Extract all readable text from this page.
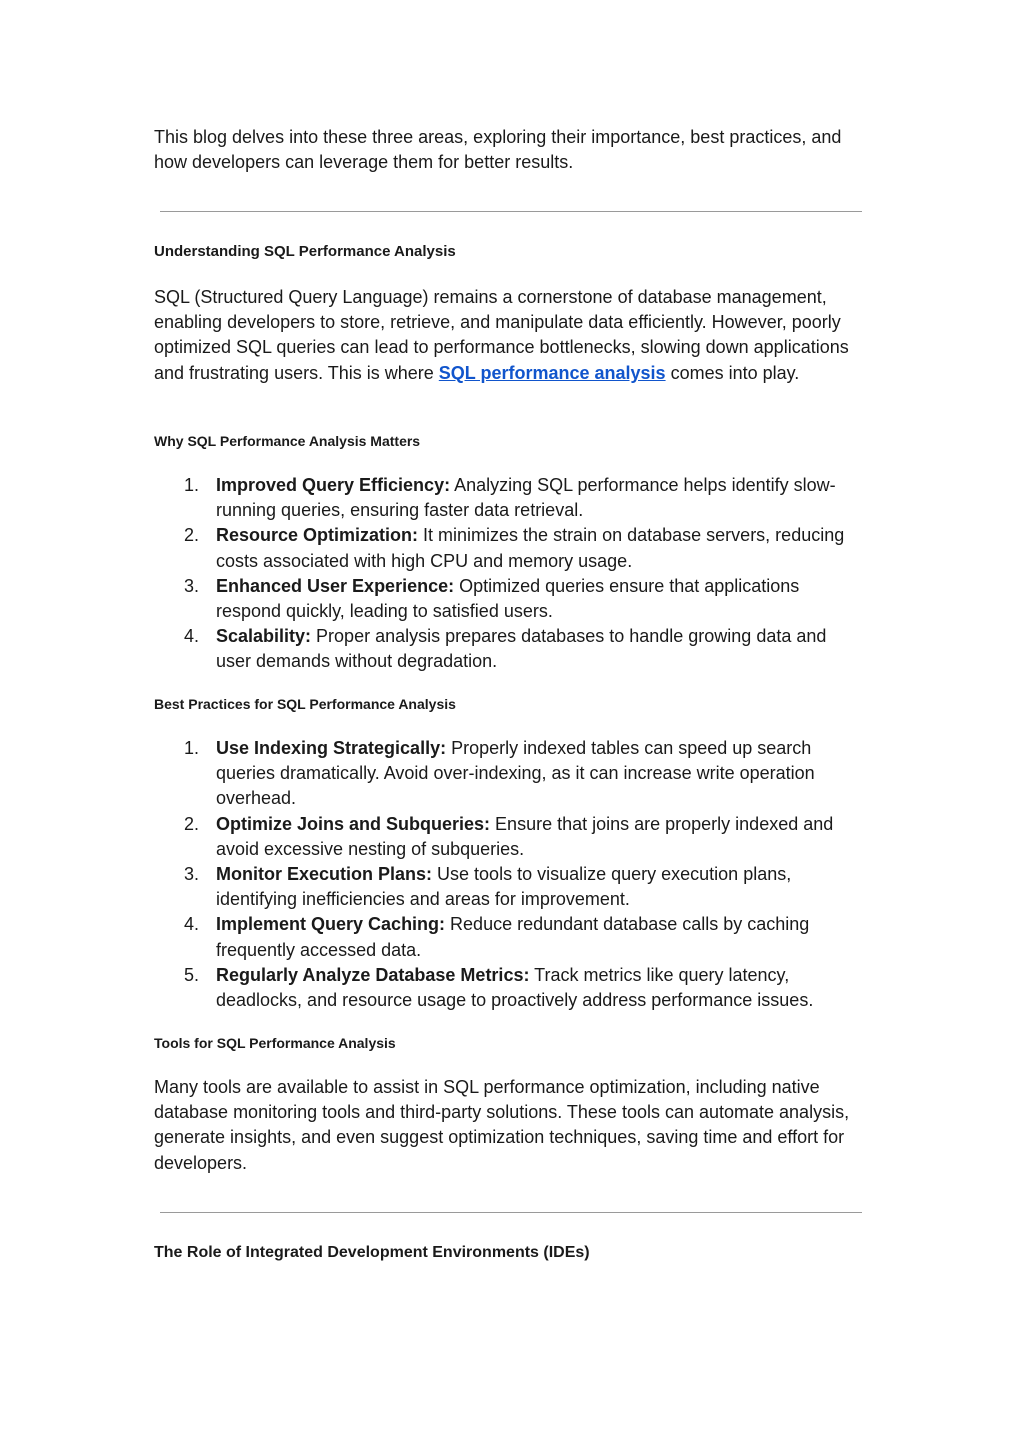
This blog delves into these three areas, exploring their importance, best practices, and how developers can leverage them for better results.

Understanding SQL Performance Analysis

SQL (Structured Query Language) remains a cornerstone of database management, enabling developers to store, retrieve, and manipulate data efficiently. However, poorly optimized SQL queries can lead to performance bottlenecks, slowing down applications and frustrating users. This is where SQL performance analysis comes into play.

Why SQL Performance Analysis Matters
1. Improved Query Efficiency: Analyzing SQL performance helps identify slow-running queries, ensuring faster data retrieval.
2. Resource Optimization: It minimizes the strain on database servers, reducing costs associated with high CPU and memory usage.
3. Enhanced User Experience: Optimized queries ensure that applications respond quickly, leading to satisfied users.
4. Scalability: Proper analysis prepares databases to handle growing data and user demands without degradation.
Best Practices for SQL Performance Analysis
1. Use Indexing Strategically: Properly indexed tables can speed up search queries dramatically. Avoid over-indexing, as it can increase write operation overhead.
2. Optimize Joins and Subqueries: Ensure that joins are properly indexed and avoid excessive nesting of subqueries.
3. Monitor Execution Plans: Use tools to visualize query execution plans, identifying inefficiencies and areas for improvement.
4. Implement Query Caching: Reduce redundant database calls by caching frequently accessed data.
5. Regularly Analyze Database Metrics: Track metrics like query latency, deadlocks, and resource usage to proactively address performance issues.
Tools for SQL Performance Analysis

Many tools are available to assist in SQL performance optimization, including native database monitoring tools and third-party solutions. These tools can automate analysis, generate insights, and even suggest optimization techniques, saving time and effort for developers.

The Role of Integrated Development Environments (IDEs)
